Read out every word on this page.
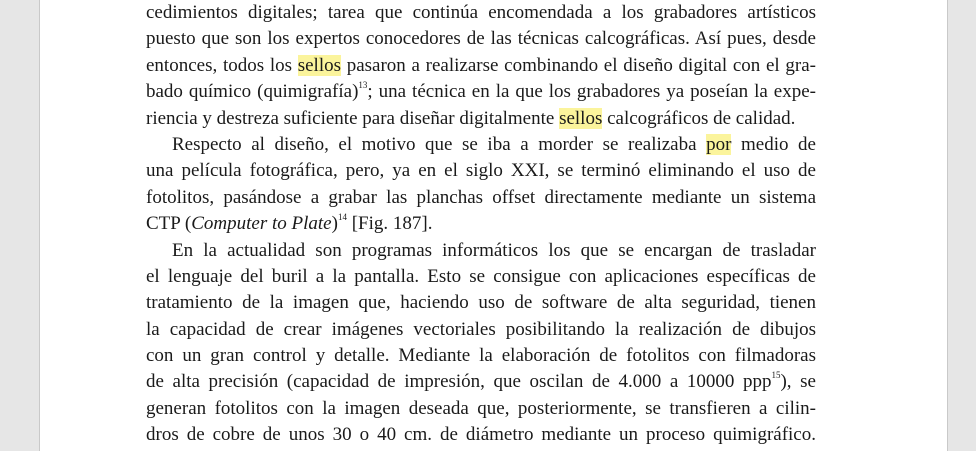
cedimientos digitales; tarea que continúa encomendada a los grabadores artísticos
puesto que son los expertos conocedores de las técnicas calcográficas. Así pues, desde
entonces, todos los sellos pasaron a realizarse combinando el diseño digital con el gra-
bado químico (quimigrafía)$^{13}$; una técnica en la que los grabadores ya poseían la expe-
riencia y destreza suficiente para diseñar digitalmente sellos calcográficos de calidad.
Respecto al diseño, el motivo que se iba a morder se realizaba por medio de
una película fotográfica, pero, ya en el siglo XXI, se terminó eliminando el uso de
fotolitos, pasándose a grabar las planchas offset directamente mediante un sistema
CTP (Computer to Plate)$^{14}$ [Fig. 187].
En la actualidad son programas informáticos los que se encargan de trasladar
el lenguaje del buril a la pantalla. Esto se consigue con aplicaciones específicas de
tratamiento de la imagen que, haciendo uso de software de alta seguridad, tienen
la capacidad de crear imágenes vectoriales posibilitando la realización de dibujos
con un gran control y detalle. Mediante la elaboración de fotolitos con filmadoras
de alta precisión (capacidad de impresión, que oscilan de 4.000 a 10000 ppp$^{15}$), se
generan fotolitos con la imagen deseada que, posteriormente, se transfieren a cilin-
dros de cobre de unos 30 o 40 cm. de diámetro mediante un proceso quimigráfico.
